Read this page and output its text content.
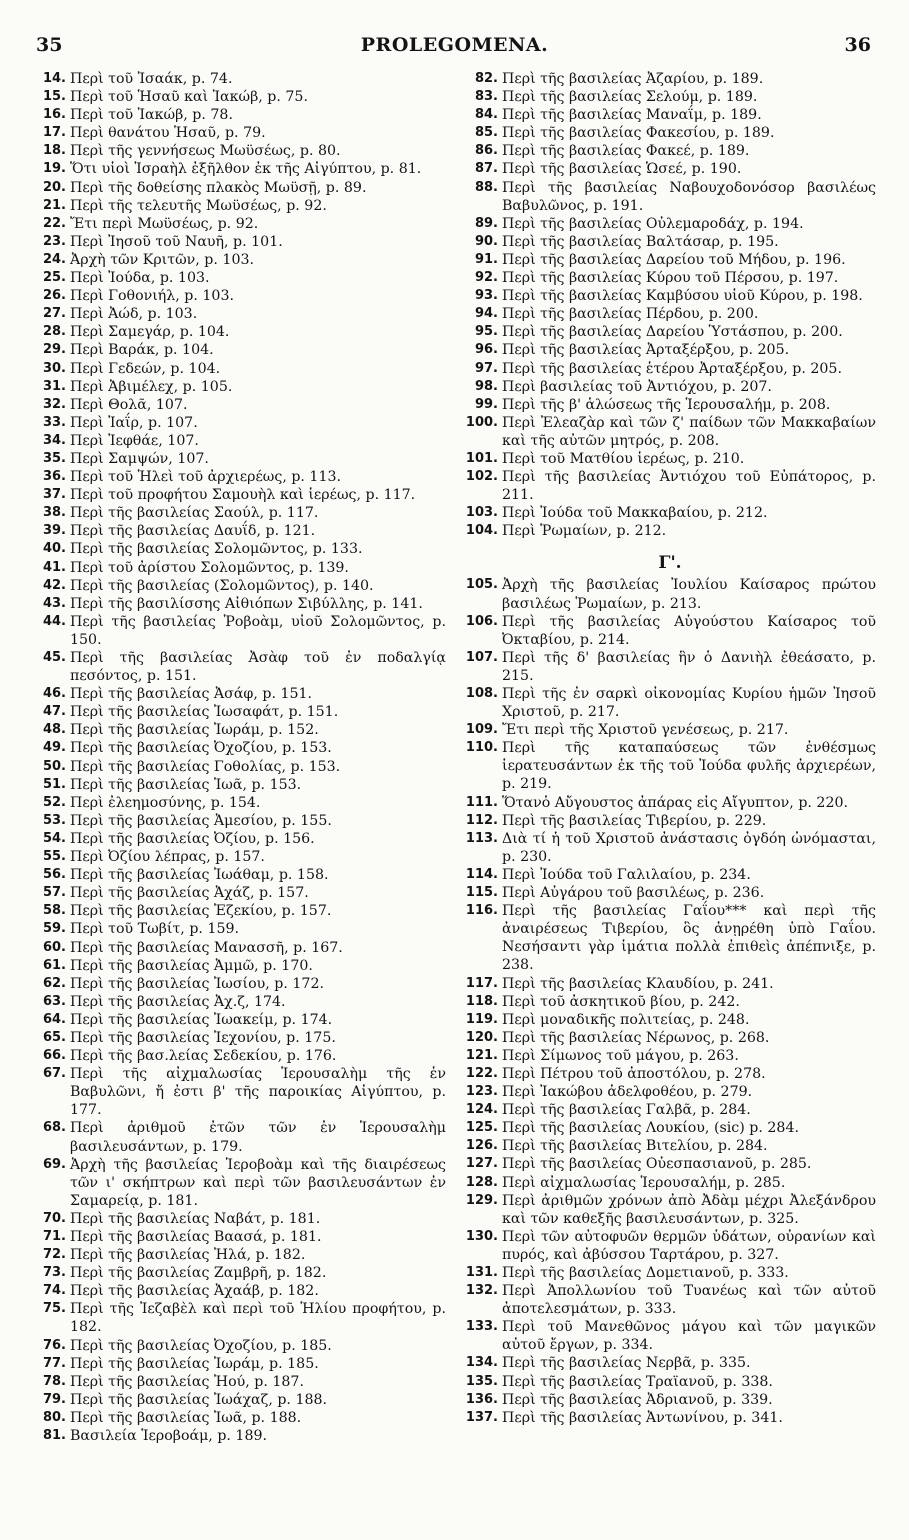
35	PROLEGOMENA.	36
14. Περὶ τοῦ Ἰσαάκ, p. 74.
15. Περὶ τοῦ Ἡσαῦ καὶ Ἰακώβ, p. 75.
16. Περὶ τοῦ Ἰακώβ, p. 78.
17. Περὶ θανάτου Ἡσαῦ, p. 79.
18. Περὶ τῆς γεννήσεως Μωϋσέως, p. 80.
19. Ὅτι υἱοὶ Ἰσραὴλ ἐξῆλθον ἐκ τῆς Αἰγύπτου, p. 81.
20. Περὶ τῆς δοθείσης πλακὸς Μωϋσῇ, p. 89.
21. Περὶ τῆς τελευτῆς Μωϋσέως, p. 92.
22. Ἔτι περὶ Μωϋσέως, p. 92.
23. Περὶ Ἰησοῦ τοῦ Ναυῆ, p. 101.
24. Ἀρχὴ τῶν Κριτῶν, p. 103.
25. Περὶ Ἰούδα, p. 103.
26. Περὶ Γοθονιήλ, p. 103.
27. Περὶ Ἀώδ, p. 103.
28. Περὶ Σαμεγάρ, p. 104.
29. Περὶ Βαράκ, p. 104.
30. Περὶ Γεδεών, p. 104.
31. Περὶ Ἀβιμέλεχ, p. 105.
32. Περὶ Θολᾶ, 107.
33. Περὶ Ἰαΐρ, p. 107.
34. Περὶ Ἰεφθάε, 107.
35. Περὶ Σαμψών, 107.
36. Περὶ τοῦ Ἡλεὶ τοῦ ἀρχιερέως, p. 113.
37. Περὶ τοῦ προφήτου Σαμουὴλ καὶ ἱερέως, p. 117.
38. Περὶ τῆς βασιλείας Σαούλ, p. 117.
39. Περὶ τῆς βασιλείας Δαυΐδ, p. 121.
40. Περὶ τῆς βασιλείας Σολομῶντος, p. 133.
41. Περὶ τοῦ ἀρίστου Σολομῶντος, p. 139.
42. Περὶ τῆς βασιλείας (Σολομῶντος), p. 140.
43. Περὶ τῆς βασιλίσσης Αἰθιόπων Σιβύλλης, p. 141.
44. Περὶ τῆς βασιλείας Ῥοβοὰμ, υἱοῦ Σολομῶντος, p. 150.
45. Περὶ τῆς βασιλείας Ἀσὰφ τοῦ ἐν ποδαλγίᾳ πεσόντος, p. 151.
46. Περὶ τῆς βασιλείας Ἀσάφ, p. 151.
47. Περὶ τῆς βασιλείας Ἰωσαφάτ, p. 151.
48. Περὶ τῆς βασιλείας Ἰωράμ, p. 152.
49. Περὶ τῆς βασιλείας Ὀχοζίου, p. 153.
50. Περὶ τῆς βασιλείας Γοθολίας, p. 153.
51. Περὶ τῆς βασιλείας Ἰωᾶ, p. 153.
52. Περὶ ἐλεημοσύνης, p. 154.
53. Περὶ τῆς βασιλείας Ἀμεσίου, p. 155.
54. Περὶ τῆς βασιλείας Ὀζίου, p. 156.
55. Περὶ Ὀζίου λέπρας, p. 157.
56. Περὶ τῆς βασιλείας Ἰωάθαμ, p. 158.
57. Περὶ τῆς βασιλείας Ἀχάζ, p. 157.
58. Περὶ τῆς βασιλείας Ἐζεκίου, p. 157.
59. Περὶ τοῦ Τωβίτ, p. 159.
60. Περὶ τῆς βασιλείας Μανασσῆ, p. 167.
61. Περὶ τῆς βασιλείας Ἀμμῶ, p. 170.
62. Περὶ τῆς βασιλείας Ἰωσίου, p. 172.
63. Περὶ τῆς βασιλείας Ἀχ.ζ, 174.
64. Περὶ τῆς βασιλείας Ἰωακείμ, p. 174.
65. Περὶ τῆς βασιλείας Ἰεχονίου, p. 175.
66. Περὶ τῆς βασ.λείας Σεδεκίου, p. 176.
67. Περὶ τῆς αἰχμαλωσίας Ἱερουσαλὴμ τῆς ἐν Βαβυλῶνι, ἤ ἐστι β' τῆς παροικίας Αἰγύπτου, p. 177.
68. Περὶ ἀριθμοῦ ἐτῶν τῶν ἐν Ἱερουσαλὴμ βασιλευσάντων, p. 179.
69. Ἀρχὴ τῆς βασιλείας Ἱεροβοὰμ καὶ τῆς διαιρέσεως τῶν ι' σκήπτρων καὶ περὶ τῶν βασιλευσάντων ἐν Σαμαρείᾳ, p. 181.
70. Περὶ τῆς βασιλείας Ναβάτ, p. 181.
71. Περὶ τῆς βασιλείας Βαασά, p. 181.
72. Περὶ τῆς βασιλείας Ἠλά, p. 182.
73. Περὶ τῆς βασιλείας Ζαμβρῆ, p. 182.
74. Περὶ τῆς βασιλείας Ἀχαάβ, p. 182.
75. Περὶ τῆς Ἰεζαβὲλ καὶ περὶ τοῦ Ἡλίου προφήτου, p. 182.
76. Περὶ τῆς βασιλείας Ὀχοζίου, p. 185.
77. Περὶ τῆς βασιλείας Ἰωράμ, p. 185.
78. Περὶ τῆς βασιλείας Ἠού, p. 187.
79. Περὶ τῆς βασιλείας Ἰωάχαζ, p. 188.
80. Περὶ τῆς βασιλείας Ἰωᾶ, p. 188.
81. Βασιλεία Ἱεροβοάμ, p. 189.
82. Περὶ τῆς βασιλείας Ἀζαρίου, p. 189.
83. Περὶ τῆς βασιλείας Σελούμ, p. 189.
84. Περὶ τῆς βασιλείας Μαναΐμ, p. 189.
85. Περὶ τῆς βασιλείας Φακεσίου, p. 189.
86. Περὶ τῆς βασιλείας Φακεέ, p. 189.
87. Περὶ τῆς βασιλείας Ὡσεέ, p. 190.
88. Περὶ τῆς βασιλείας Ναβουχοδονόσορ βασιλέως Βαβυλῶνος, p. 191.
89. Περὶ τῆς βασιλείας Οὐλεμαροδάχ, p. 194.
90. Περὶ τῆς βασιλείας Βαλτάσαρ, p. 195.
91. Περὶ τῆς βασιλείας Δαρείου τοῦ Μήδου, p. 196.
92. Περὶ τῆς βασιλείας Κύρου τοῦ Πέρσου, p. 197.
93. Περὶ τῆς βασιλείας Καμβύσου υἱοῦ Κύρου, p. 198.
94. Περὶ τῆς βασιλείας Πέρδου, p. 200.
95. Περὶ τῆς βασιλείας Δαρείου Ὑστάσπου, p. 200.
96. Περὶ τῆς βασιλείας Ἀρταξέρξου, p. 205.
97. Περὶ τῆς βασιλείας ἑτέρου Ἀρταξέρξου, p. 205.
98. Περὶ βασιλείας τοῦ Ἀντιόχου, p. 207.
99. Περὶ τῆς β' ἁλώσεως τῆς Ἱερουσαλήμ, p. 208.
100. Περὶ Ἐλεαζὰρ καὶ τῶν ζ' παίδων τῶν Μακκαβαίων καὶ τῆς αὐτῶν μητρός, p. 208.
101. Περὶ τοῦ Ματθίου ἱερέως, p. 210.
102. Περὶ τῆς βασιλείας Ἀντιόχου τοῦ Εὐπάτορος, p. 211.
103. Περὶ Ἰούδα τοῦ Μακκαβαίου, p. 212.
104. Περὶ Ῥωμαίων, p. 212.
Γ'.
105. Ἀρχὴ τῆς βασιλείας Ἰουλίου Καίσαρος πρώτου βασιλέως Ῥωμαίων, p. 213.
106. Περὶ τῆς βασιλείας Αὐγούστου Καίσαρος τοῦ Ὀκταβίου, p. 214.
107. Περὶ τῆς δ' βασιλείας ἣν ὁ Δανιὴλ ἐθεάσατο, p. 215.
108. Περὶ τῆς ἐν σαρκὶ οἰκονομίας Κυρίου ἡμῶν Ἰησοῦ Χριστοῦ, p. 217.
109. Ἔτι περὶ τῆς Χριστοῦ γενέσεως, p. 217.
110. Περὶ τῆς καταπαύσεως τῶν ἐνθέσμως ἱερατευσάντων ἐκ τῆς τοῦ Ἰούδα φυλῆς ἀρχιερέων, p. 219.
111. Ὅτανὁ Αὔγουστος ἀπάρας εἰς Αἴγυπτον, p. 220.
112. Περὶ τῆς βασιλείας Τιβερίου, p. 229.
113. Διὰ τί ἡ τοῦ Χριστοῦ ἀνάστασις ὀγδόη ὠνόμασται, p. 230.
114. Περὶ Ἰούδα τοῦ Γαλιλαίου, p. 234.
115. Περὶ Αὐγάρου τοῦ βασιλέως, p. 236.
116. Περὶ τῆς βασιλείας Γαΐου*** καὶ περὶ τῆς ἀναιρέσεως Τιβερίου, ὃς ἀνῃρέθη ὑπὸ Γαΐου. Νεσήσαντι γὰρ ἱμάτια πολλὰ ἐπιθεὶς ἀπέπνιξε, p. 238.
117. Περὶ τῆς βασιλείας Κλαυδίου, p. 241.
118. Περὶ τοῦ ἀσκητικοῦ βίου, p. 242.
119. Περὶ μοναδικῆς πολιτείας, p. 248.
120. Περὶ τῆς βασιλείας Νέρωνος, p. 268.
121. Περὶ Σίμωνος τοῦ μάγου, p. 263.
122. Περὶ Πέτρου τοῦ ἀποστόλου, p. 278.
123. Περὶ Ἰακώβου ἀδελφοθέου, p. 279.
124. Περὶ τῆς βασιλείας Γαλβᾶ, p. 284.
125. Περὶ τῆς βασιλείας Λουκίου, (sic) p. 284.
126. Περὶ τῆς βασιλείας Βιτελίου, p. 284.
127. Περὶ τῆς βασιλείας Οὐεσπασιανοῦ, p. 285.
128. Περὶ αἰχμαλωσίας Ἱερουσαλήμ, p. 285.
129. Περὶ ἀριθμῶν χρόνων ἀπὸ Ἀδὰμ μέχρι Ἀλεξάνδρου καὶ τῶν καθεξῆς βασιλευσάντων, p. 325.
130. Περὶ τῶν αὐτοφυῶν θερμῶν ὑδάτων, οὐρανίων καὶ πυρός, καὶ ἀβύσσου Ταρτάρου, p. 327.
131. Περὶ τῆς βασιλείας Δομετιανοῦ, p. 333.
132. Περὶ Ἀπολλωνίου τοῦ Τυανέως καὶ τῶν αὐτοῦ ἀποτελεσμάτων, p. 333.
133. Περὶ τοῦ Μανεθῶνος μάγου καὶ τῶν μαγικῶν αὐτοῦ ἔργων, p. 334.
134. Περὶ τῆς βασιλείας Νερβᾶ, p. 335.
135. Περὶ τῆς βασιλείας Τραϊανοῦ, p. 338.
136. Περὶ τῆς βασιλείας Ἀδριανοῦ, p. 339.
137. Περὶ τῆς βασιλείας Ἀντωνίνου, p. 341.
